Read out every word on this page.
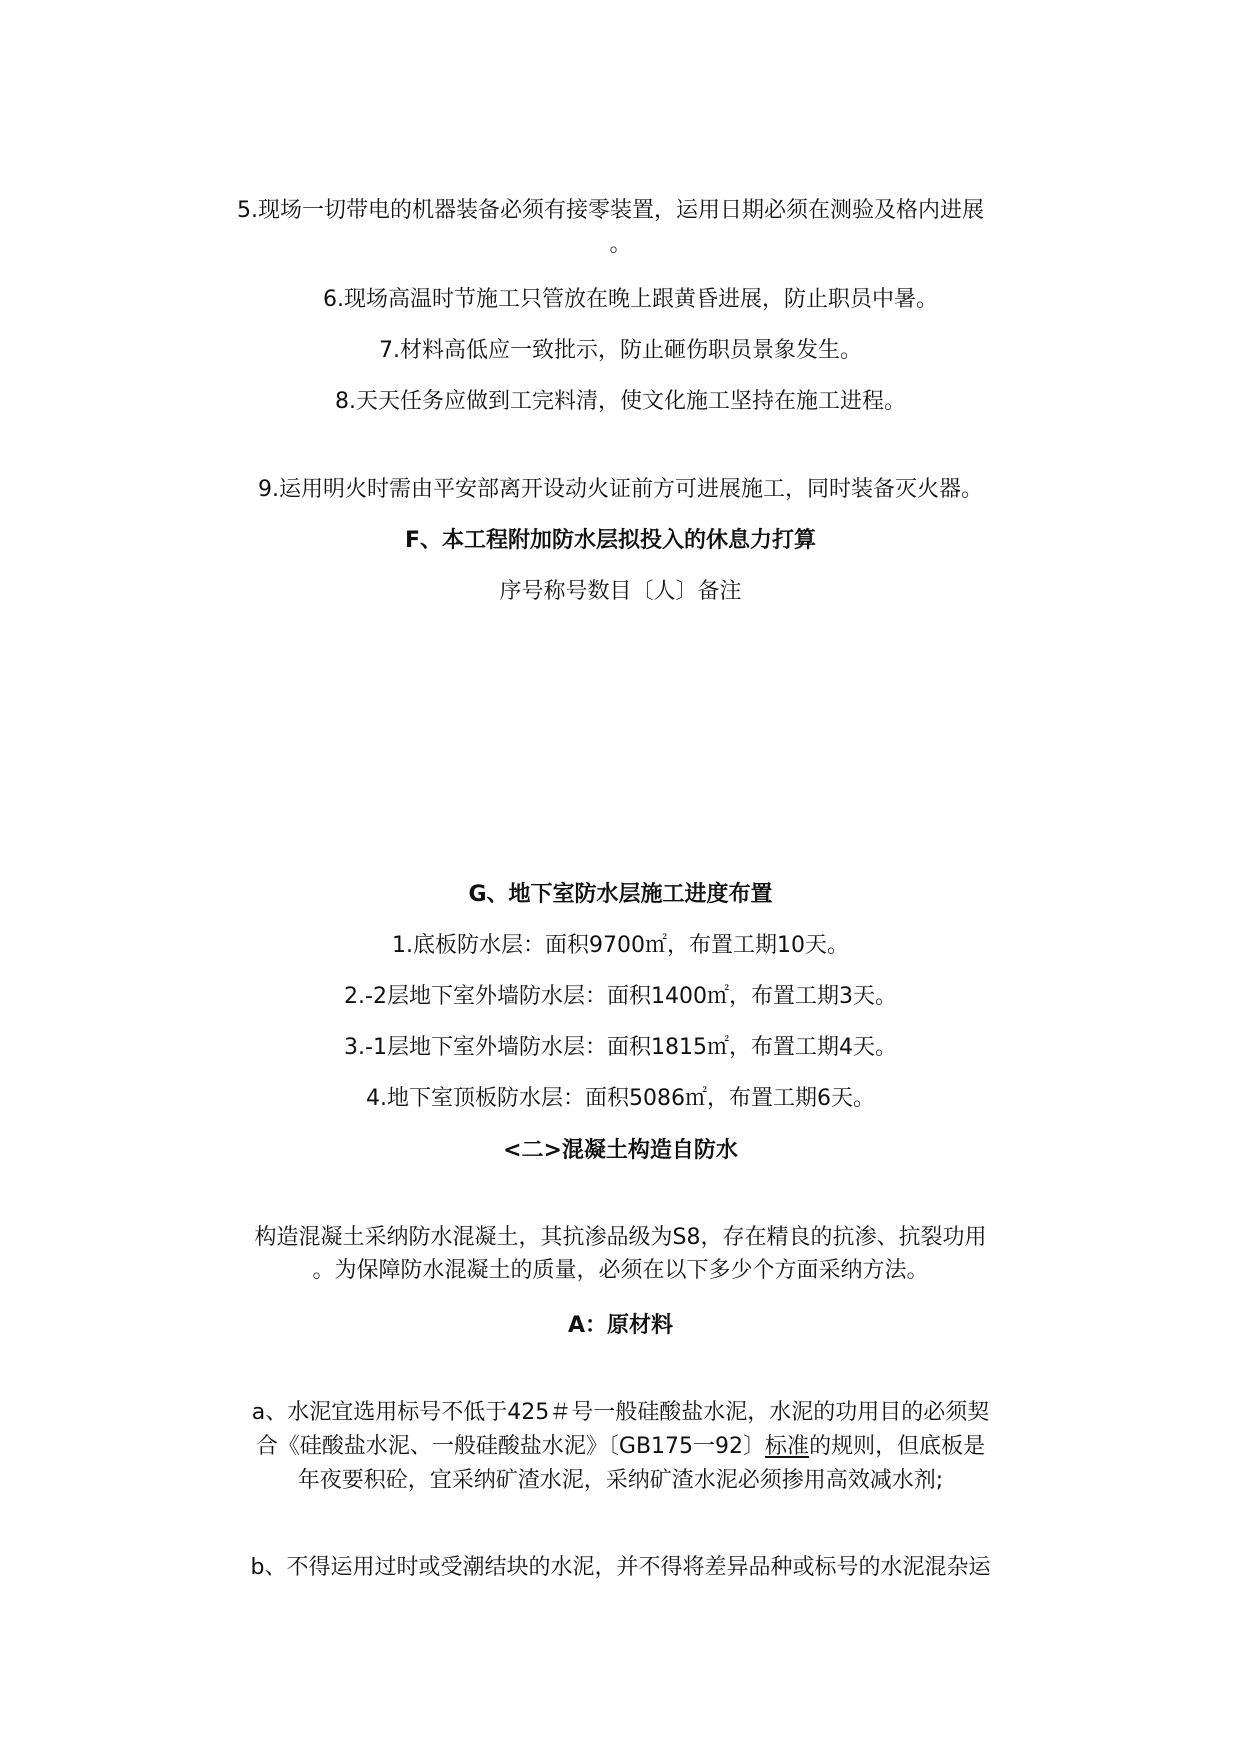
5.现场一切带电的机器装备必须有接零装置，运用日期必须在测验及格内进展
。
6.现场高温时节施工只管放在晚上跟黄昏进展，防止职员中暑。
7.材料高低应一致批示，防止砸伤职员景象发生。
8.天天任务应做到工完料清，使文化施工坚持在施工进程。
9.运用明火时需由平安部离开设动火证前方可进展施工，同时装备灭火器。
F、本工程附加防水层拟投入的休息力打算
序号称号数目〔人〕备注
G、地下室防水层施工进度布置
1.底板防水层：面积9700㎡，布置工期10天。
2.-2层地下室外墙防水层：面积1400㎡，布置工期3天。
3.-1层地下室外墙防水层：面积1815㎡，布置工期4天。
4.地下室顶板防水层：面积5086㎡，布置工期6天。
<二>混凝土构造自防水
构造混凝土采纳防水混凝土，其抗渗品级为S8，存在精良的抗渗、抗裂功用
。为保障防水混凝土的质量，必须在以下多少个方面采纳方法。
A：原材料
a、水泥宜选用标号不低于425＃号一般硅酸盐水泥，水泥的功用目的必须契
合《硅酸盐水泥、一般硅酸盐水泥》〔GB175一92〕标准的规则，但底板是
年夜要积砼，宜采纳矿渣水泥，采纳矿渣水泥必须掺用高效减水剂;
b、不得运用过时或受潮结块的水泥，并不得将差异品种或标号的水泥混杂运
